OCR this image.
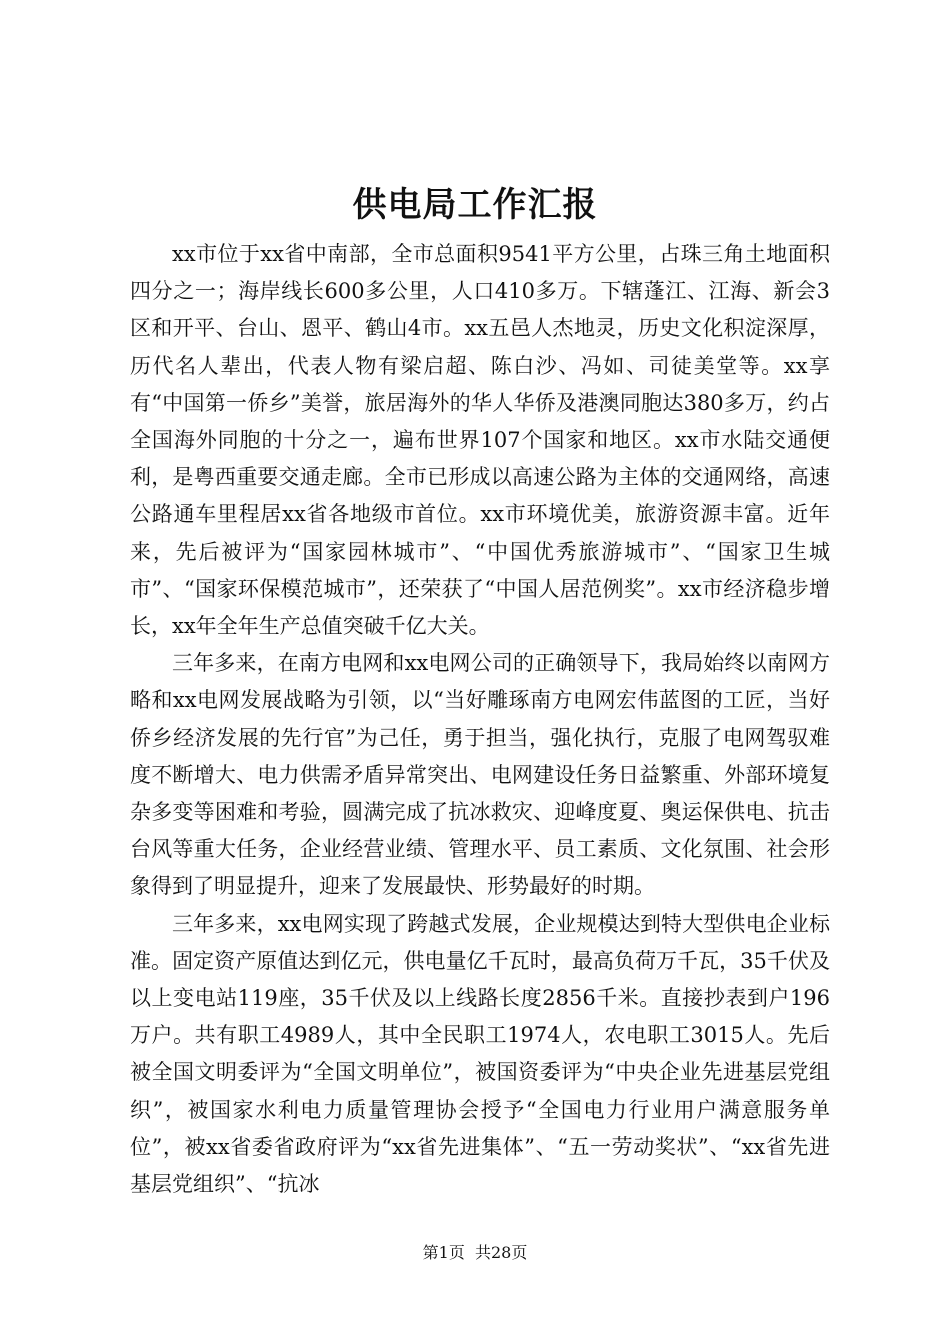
供电局工作汇报

xx市位于xx省中南部，全市总面积9541平方公里，占珠三角土地面积四分之一；海岸线长600多公里，人口410多万。下辖蓬江、江海、新会3区和开平、台山、恩平、鹤山4市。xx五邑人杰地灵，历史文化积淀深厚，历代名人辈出，代表人物有梁启超、陈白沙、冯如、司徒美堂等。xx享有“中国第一侨乡”美誉，旅居海外的华人华侨及港澳同胞达380多万，约占全国海外同胞的十分之一，遍布世界107个国家和地区。xx市水陆交通便利，是粤西重要交通走廊。全市已形成以高速公路为主体的交通网络，高速公路通车里程居xx省各地级市首位。xx市环境优美，旅游资源丰富。近年来，先后被评为“国家园林城市”、“中国优秀旅游城市”、“国家卫生城市”、“国家环保模范城市”，还荣获了“中国人居范例奖”。xx市经济稳步增长，xx年全年生产总值突破千亿大关。

三年多来，在南方电网和xx电网公司的正确领导下，我局始终以南网方略和xx电网发展战略为引领，以“当好雕琢南方电网宏伟蓝图的工匠，当好侨乡经济发展的先行官”为己任，勇于担当，强化执行，克服了电网驾驭难度不断增大、电力供需矛盾异常突出、电网建设任务日益繁重、外部环境复杂多变等困难和考验，圆满完成了抗冰救灾、迎峰度夏、奥运保供电、抗击台风等重大任务，企业经营业绩、管理水平、员工素质、文化氛围、社会形象得到了明显提升，迎来了发展最快、形势最好的时期。

三年多来，xx电网实现了跨越式发展，企业规模达到特大型供电企业标准。固定资产原值达到亿元，供电量亿千瓦时，最高负荷万千瓦，35千伏及以上变电站119座，35千伏及以上线路长度2856千米。直接抄表到户196万户。共有职工4989人，其中全民职工1974人，农电职工3015人。先后被全国文明委评为“全国文明单位”，被国资委评为“中央企业先进基层党组织”，被国家水利电力质量管理协会授予“全国电力行业用户满意服务单位”，被xx省委省政府评为“xx省先进集体”、“五一劳动奖状”、“xx省先进基层党组织”、“抗冰

第1页  共28页
